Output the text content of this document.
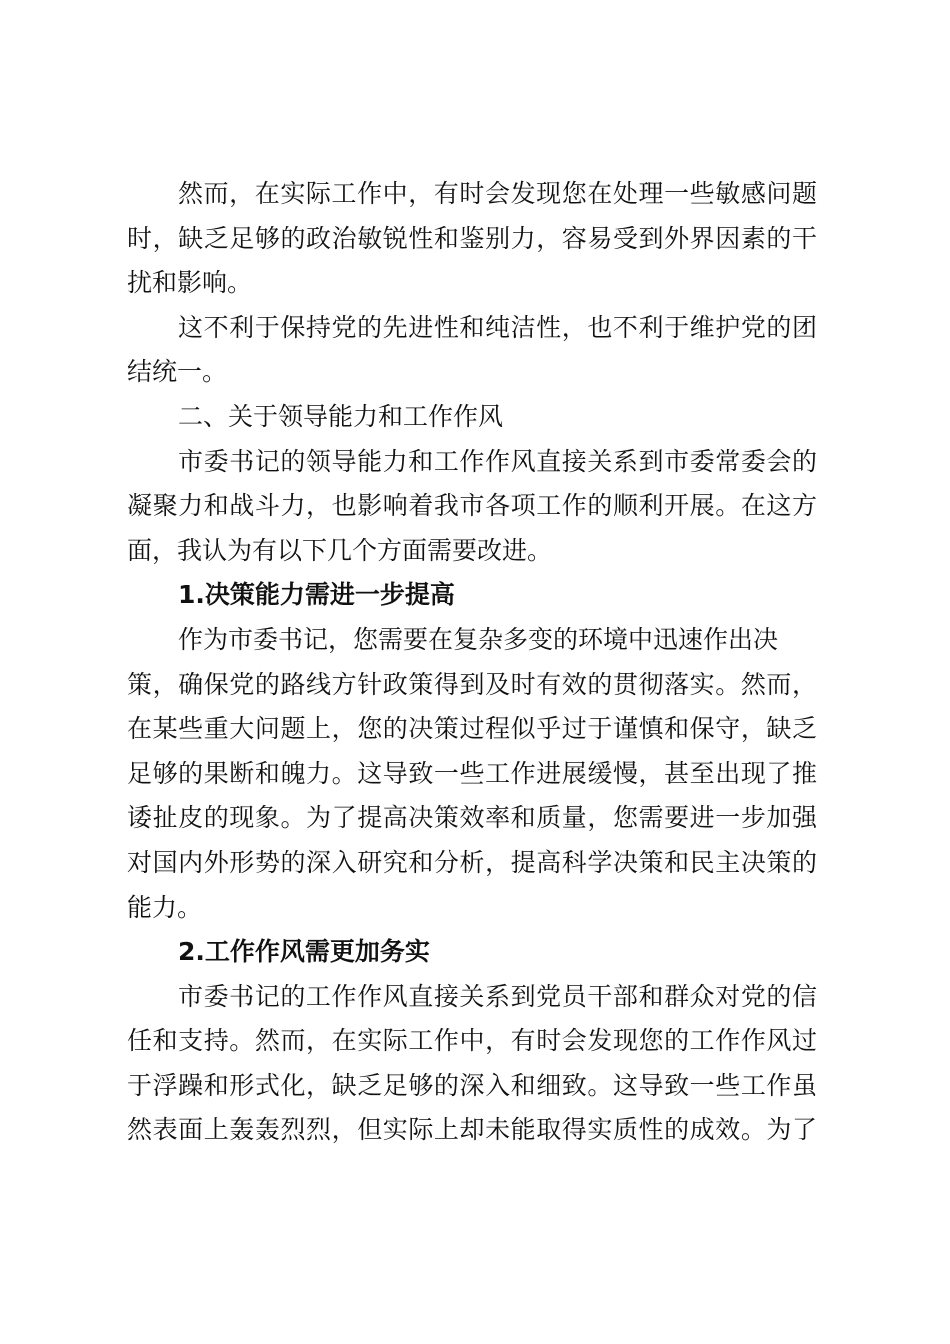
然而，在实际工作中，有时会发现您在处理一些敏感问题
时，缺乏足够的政治敏锐性和鉴别力，容易受到外界因素的干
扰和影响。
这不利于保持党的先进性和纯洁性，也不利于维护党的团
结统一。
二、关于领导能力和工作作风
市委书记的领导能力和工作作风直接关系到市委常委会的
凝聚力和战斗力，也影响着我市各项工作的顺利开展。在这方
面，我认为有以下几个方面需要改进。
1.决策能力需进一步提高
作为市委书记，您需要在复杂多变的环境中迅速作出决
策，确保党的路线方针政策得到及时有效的贯彻落实。然而，
在某些重大问题上，您的决策过程似乎过于谨慎和保守，缺乏
足够的果断和魄力。这导致一些工作进展缓慢，甚至出现了推
诿扯皮的现象。为了提高决策效率和质量，您需要进一步加强
对国内外形势的深入研究和分析，提高科学决策和民主决策的
能力。
2.工作作风需更加务实
市委书记的工作作风直接关系到党员干部和群众对党的信
任和支持。然而，在实际工作中，有时会发现您的工作作风过
于浮躁和形式化，缺乏足够的深入和细致。这导致一些工作虽
然表面上轰轰烈烈，但实际上却未能取得实质性的成效。为了
